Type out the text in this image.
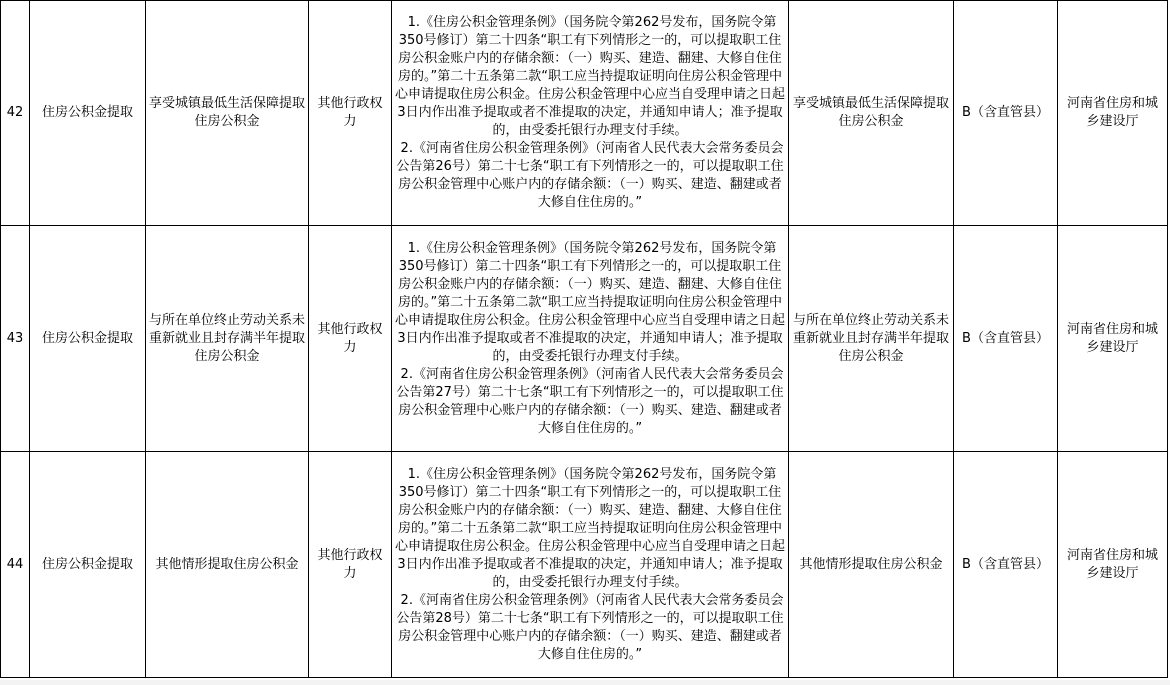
42	住房公积金提取	享受城镇最低生活保障提取住房公积金	其他行政权力	1.《住房公积金管理条例》（国务院令第262号发布，国务院令第350号修订）第二十四条“职工有下列情形之一的，可以提取职工住房公积金账户内的存储余额：（一）购买、建造、翻建、大修自住住房的。”第二十五条第二款“职工应当持提取证明向住房公积金管理中心申请提取住房公积金。住房公积金管理中心应当自受理申请之日起3日内作出准予提取或者不准提取的决定，并通知申请人；准予提取的，由受委托银行办理支付手续。

2.《河南省住房公积金管理条例》（河南省人民代表大会常务委员会公告第26号）第二十七条“职工有下列情形之一的，可以提取职工住房公积金管理中心账户内的存储余额：（一）购买、建造、翻建或者大修自住住房的。”	享受城镇最低生活保障提取住房公积金	B（含直管县）	河南省住房和城乡建设厅
43	住房公积金提取	与所在单位终止劳动关系未重新就业且封存满半年提取住房公积金	其他行政权力	1.《住房公积金管理条例》（国务院令第262号发布，国务院令第350号修订）第二十四条“职工有下列情形之一的，可以提取职工住房公积金账户内的存储余额：（一）购买、建造、翻建、大修自住住房的。”第二十五条第二款“职工应当持提取证明向住房公积金管理中心申请提取住房公积金。住房公积金管理中心应当自受理申请之日起3日内作出准予提取或者不准提取的决定，并通知申请人；准予提取的，由受委托银行办理支付手续。

2.《河南省住房公积金管理条例》（河南省人民代表大会常务委员会公告第27号）第二十七条“职工有下列情形之一的，可以提取职工住房公积金管理中心账户内的存储余额：（一）购买、建造、翻建或者大修自住住房的。”	与所在单位终止劳动关系未重新就业且封存满半年提取住房公积金	B（含直管县）	河南省住房和城乡建设厅
44	住房公积金提取	其他情形提取住房公积金	其他行政权力	1.《住房公积金管理条例》（国务院令第262号发布，国务院令第350号修订）第二十四条“职工有下列情形之一的，可以提取职工住房公积金账户内的存储余额：（一）购买、建造、翻建、大修自住住房的。”第二十五条第二款“职工应当持提取证明向住房公积金管理中心申请提取住房公积金。住房公积金管理中心应当自受理申请之日起3日内作出准予提取或者不准提取的决定，并通知申请人；准予提取的，由受委托银行办理支付手续。

2.《河南省住房公积金管理条例》（河南省人民代表大会常务委员会公告第28号）第二十七条“职工有下列情形之一的，可以提取职工住房公积金管理中心账户内的存储余额：（一）购买、建造、翻建或者大修自住住房的。”	其他情形提取住房公积金	B（含直管县）	河南省住房和城乡建设厅
